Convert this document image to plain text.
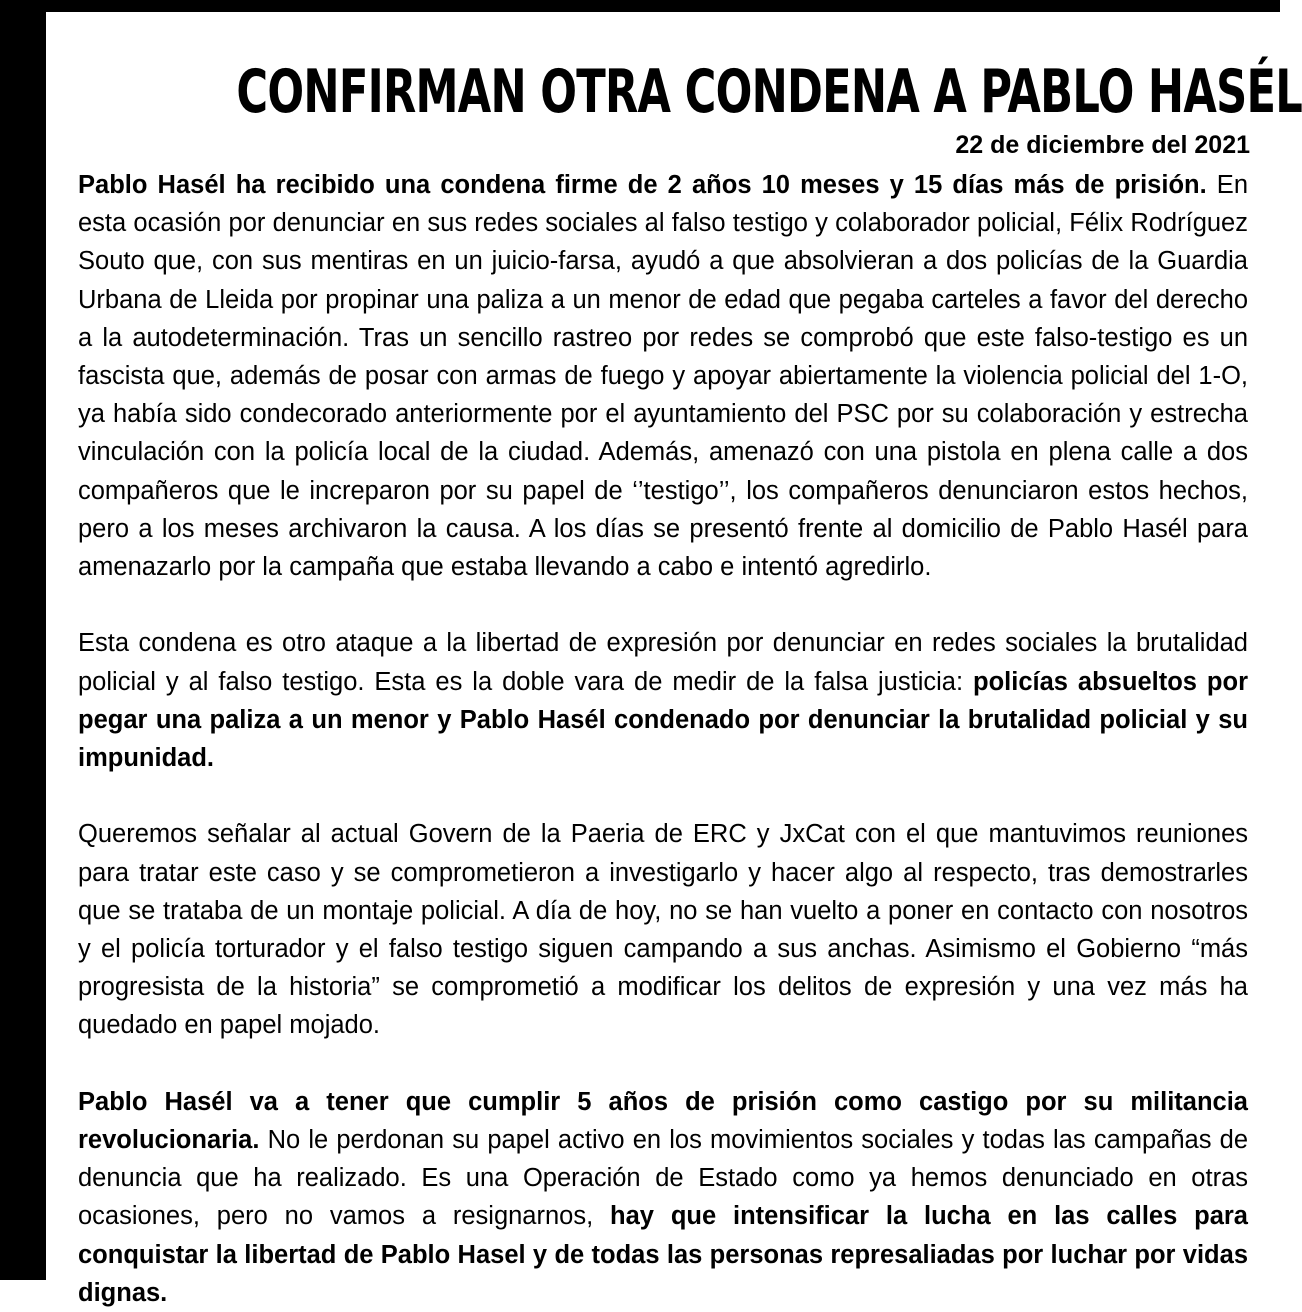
CONFIRMAN OTRA CONDENA A PABLO HASÉL
22 de diciembre del 2021

Pablo Hasél ha recibido una condena firme de 2 años 10 meses y 15 días más de prisión. En esta ocasión por denunciar en sus redes sociales al falso testigo y colaborador policial, Félix Rodríguez Souto que, con sus mentiras en un juicio-farsa, ayudó a que absolvieran a dos policías de la Guardia Urbana de Lleida por propinar una paliza a un menor de edad que pegaba carteles a favor del derecho a la autodeterminación. Tras un sencillo rastreo por redes se comprobó que este falso-testigo es un fascista que, además de posar con armas de fuego y apoyar abiertamente la violencia policial del 1-O, ya había sido condecorado anteriormente por el ayuntamiento del PSC por su colaboración y estrecha vinculación con la policía local de la ciudad. Además, amenazó con una pistola en plena calle a dos compañeros que le increparon por su papel de ‘’testigo’’, los compañeros denunciaron estos hechos, pero a los meses archivaron la causa. A los días se presentó frente al domicilio de Pablo Hasél para amenazarlo por la campaña que estaba llevando a cabo e intentó agredirlo.

Esta condena es otro ataque a la libertad de expresión por denunciar en redes sociales la brutalidad policial y al falso testigo. Esta es la doble vara de medir de la falsa justicia: policías absueltos por pegar una paliza a un menor y Pablo Hasél condenado por denunciar la brutalidad policial y su impunidad.

Queremos señalar al actual Govern de la Paeria de ERC y JxCat con el que mantuvimos reuniones para tratar este caso y se comprometieron a investigarlo y hacer algo al respecto, tras demostrarles que se trataba de un montaje policial. A día de hoy, no se han vuelto a poner en contacto con nosotros y el policía torturador y el falso testigo siguen campando a sus anchas. Asimismo el Gobierno “más progresista de la historia” se comprometió a modificar los delitos de expresión y una vez más ha quedado en papel mojado.

Pablo Hasél va a tener que cumplir 5 años de prisión como castigo por su militancia revolucionaria. No le perdonan su papel activo en los movimientos sociales y todas las campañas de denuncia que ha realizado. Es una Operación de Estado como ya hemos denunciado en otras ocasiones, pero no vamos a resignarnos, hay que intensificar la lucha en las calles para conquistar la libertad de Pablo Hasel y de todas las personas represaliadas por luchar por vidas dignas.
